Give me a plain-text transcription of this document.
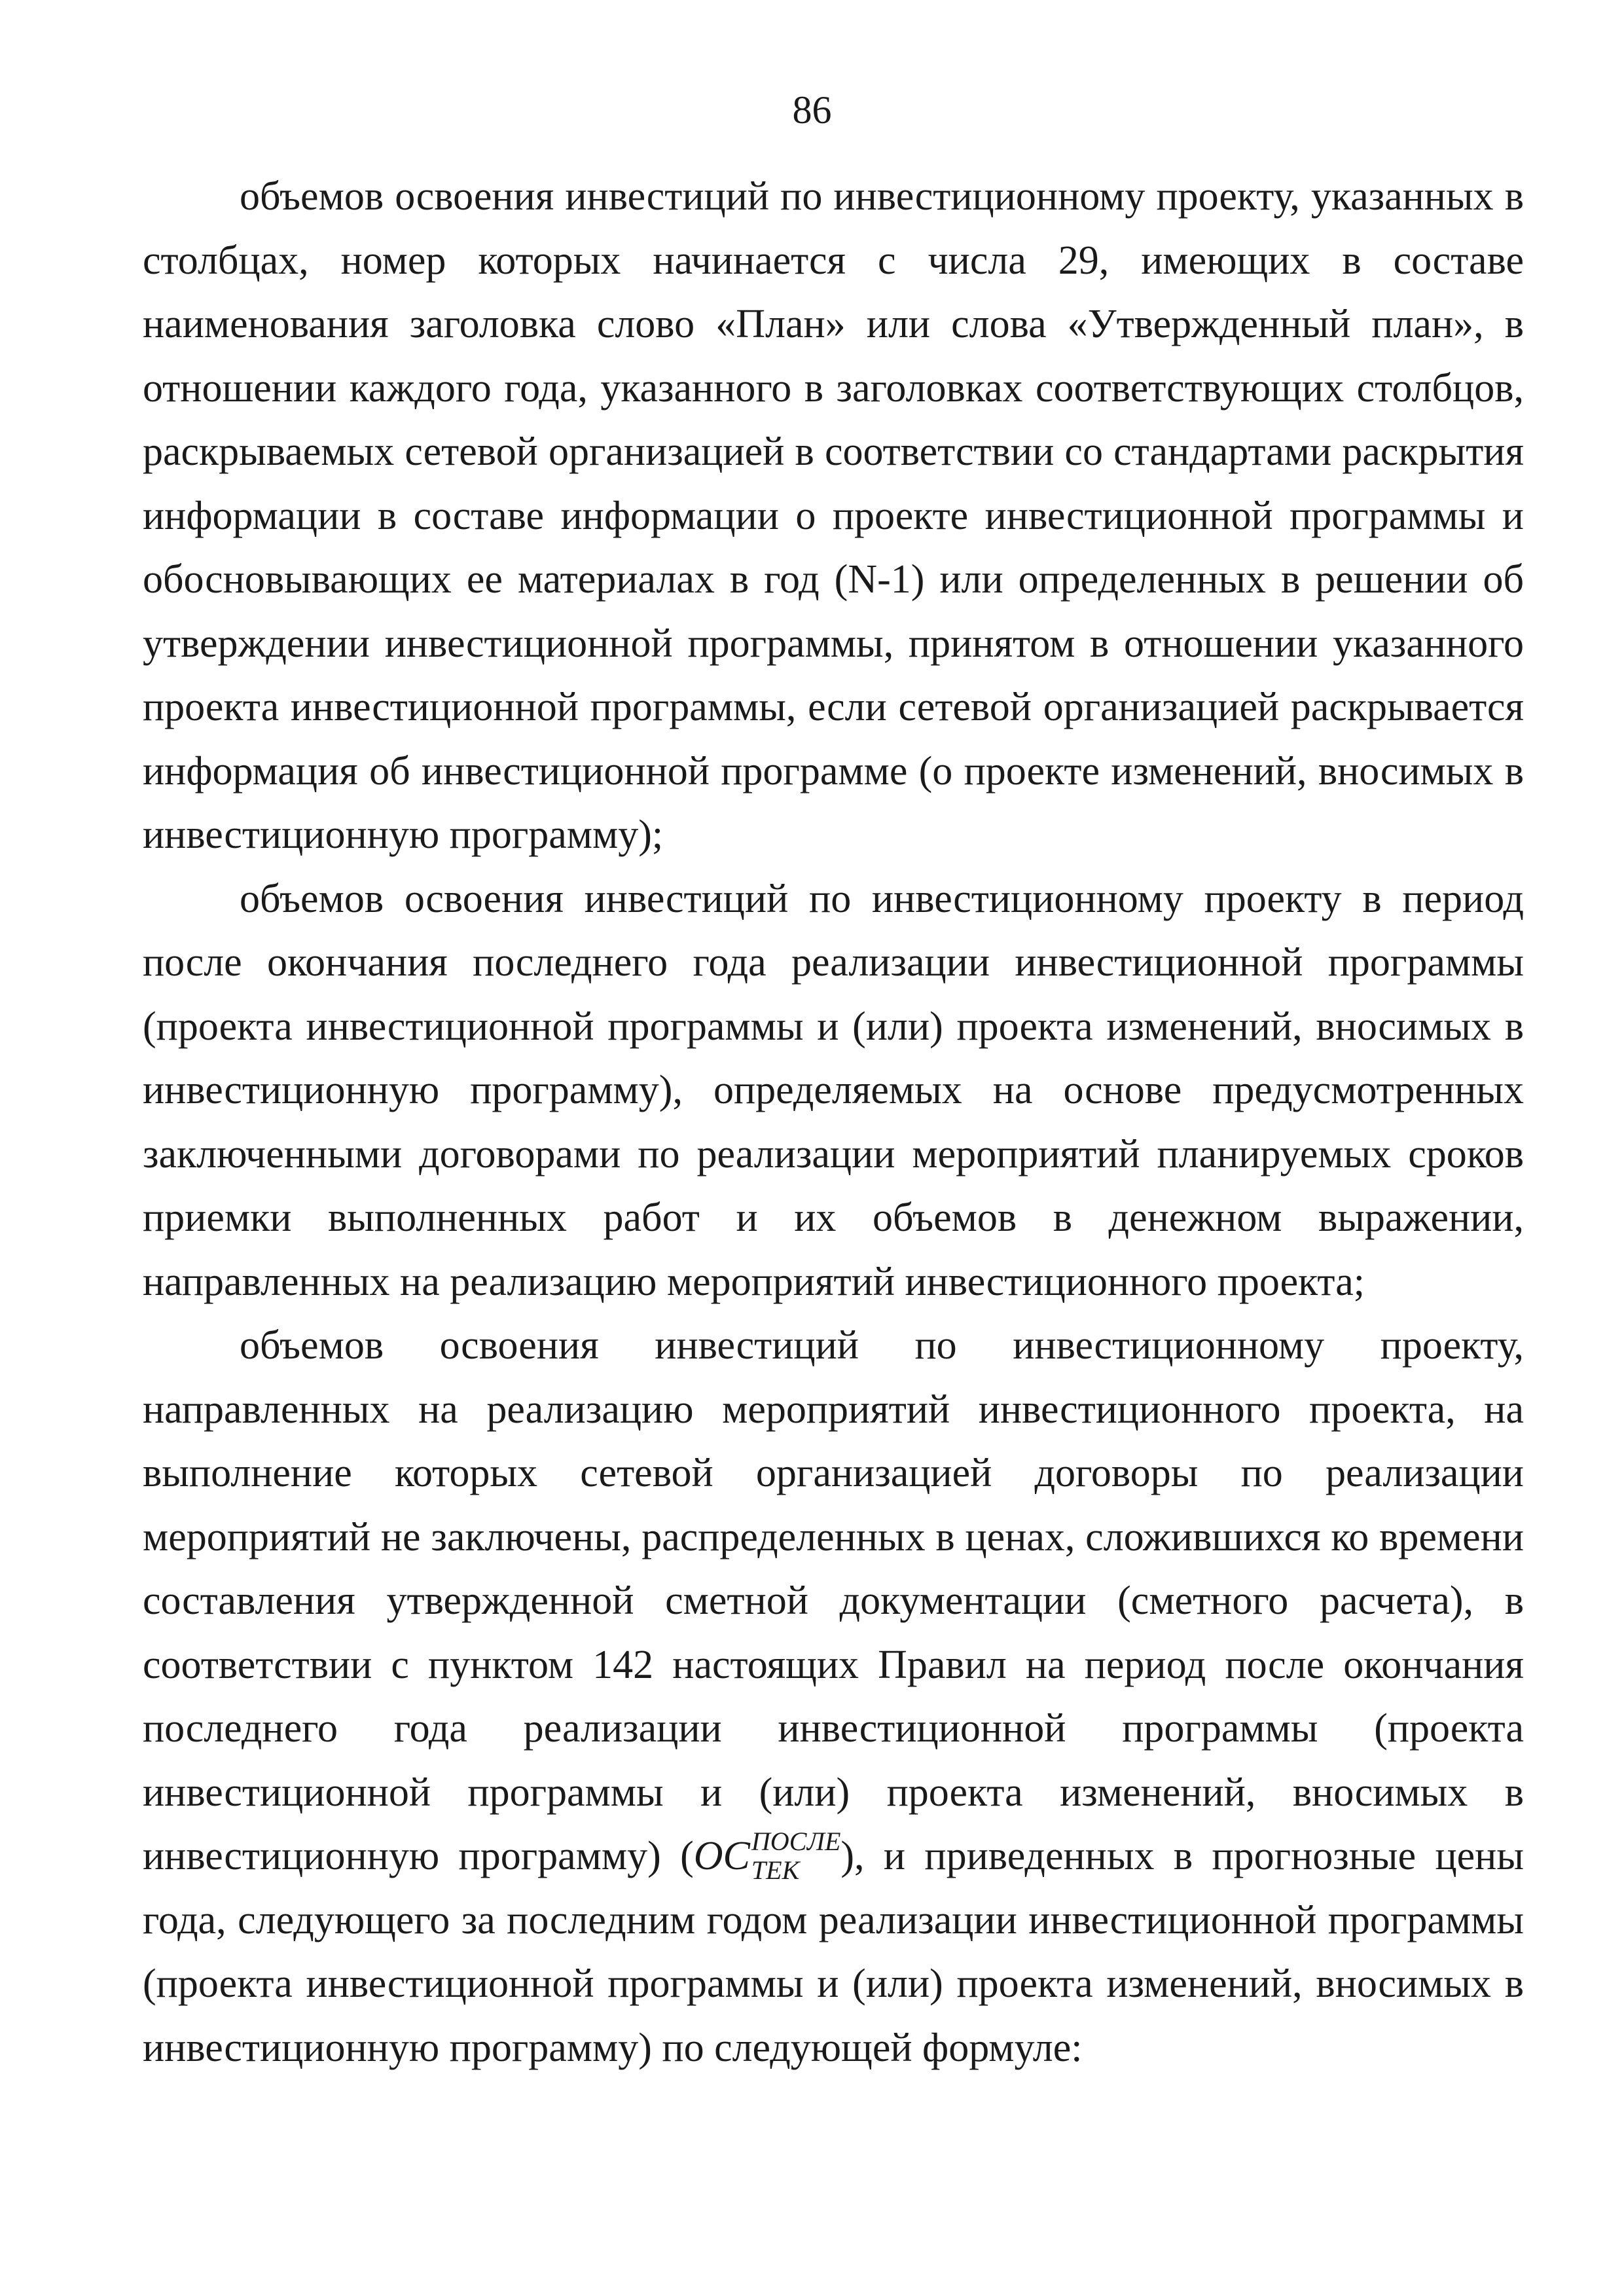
86

объемов освоения инвестиций по инвестиционному проекту, указанных в столбцах, номер которых начинается с числа 29, имеющих в составе наименования заголовка слово «План» или слова «Утвержденный план», в отношении каждого года, указанного в заголовках соответствующих столбцов, раскрываемых сетевой организацией в соответствии со стандартами раскрытия информации в составе информации о проекте инвестиционной программы и обосновывающих ее материалах в год (N-1) или определенных в решении об утверждении инвестиционной программы, принятом в отношении указанного проекта инвестиционной программы, если сетевой организацией раскрывается информация об инвестиционной программе (о проекте изменений, вносимых в инвестиционную программу);

объемов освоения инвестиций по инвестиционному проекту в период после окончания последнего года реализации инвестиционной программы (проекта инвестиционной программы и (или) проекта изменений, вносимых в инвестиционную программу), определяемых на основе предусмотренных заключенными договорами по реализации мероприятий планируемых сроков приемки выполненных работ и их объемов в денежном выражении, направленных на реализацию мероприятий инвестиционного проекта;

объемов освоения инвестиций по инвестиционному проекту, направленных на реализацию мероприятий инвестиционного проекта, на выполнение которых сетевой организацией договоры по реализации мероприятий не заключены, распределенных в ценах, сложившихся ко времени составления утвержденной сметной документации (сметного расчета), в соответствии с пунктом 142 настоящих Правил на период после окончания последнего года реализации инвестиционной программы (проекта инвестиционной программы и (или) проекта изменений, вносимых в инвестиционную программу) (ОС ПОСЛЕ
ТЕК	), и приведенных в прогнозные цены года, следующего за последним годом реализации инвестиционной программы (проекта инвестиционной программы и (или) проекта изменений, вносимых в инвестиционную программу) по следующей формуле:
